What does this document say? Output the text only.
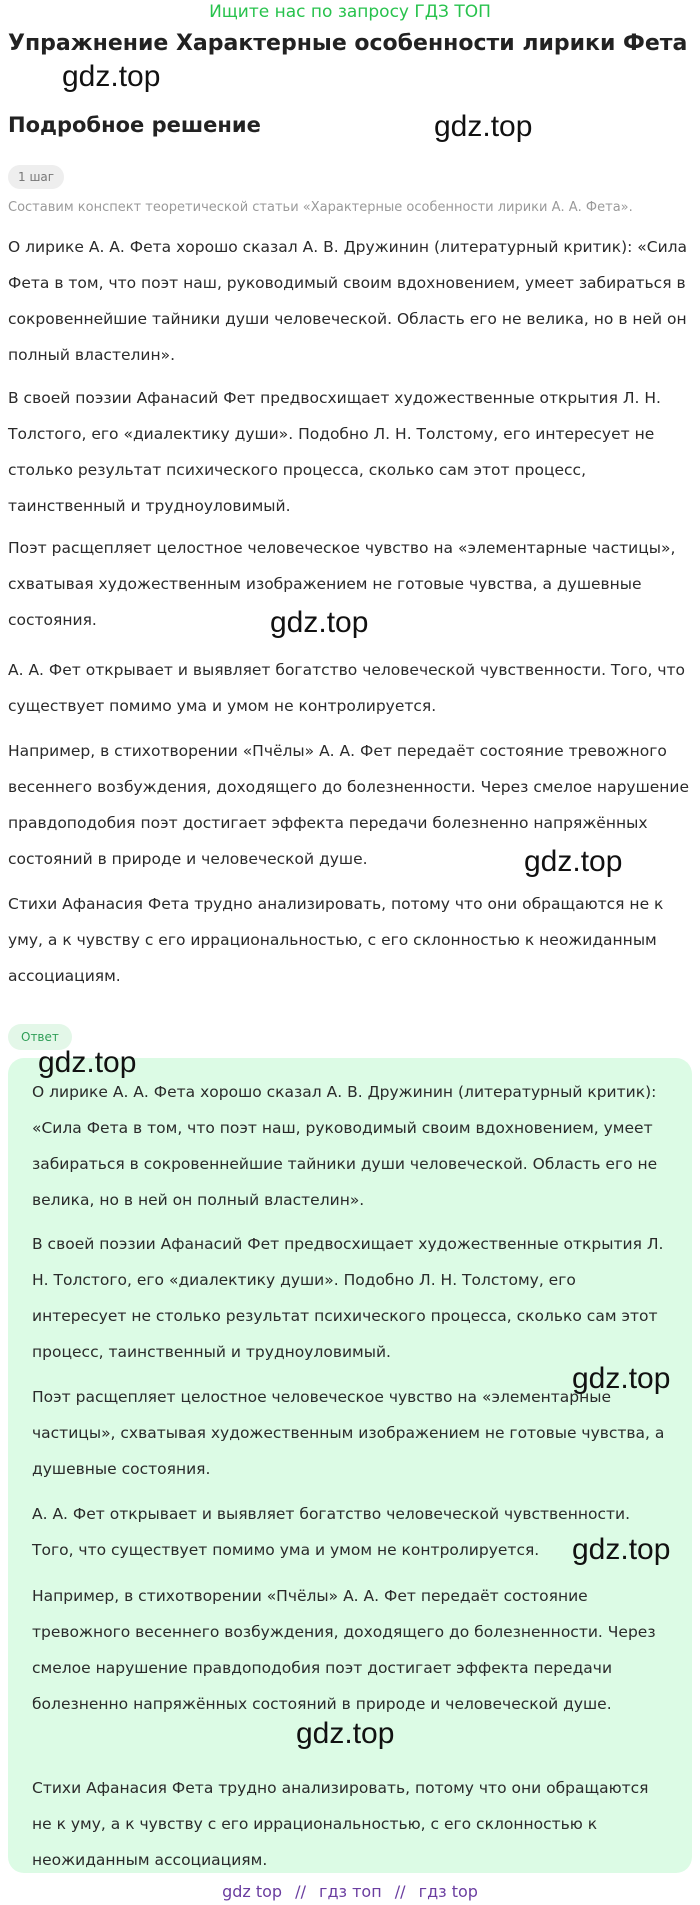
Ищите нас по запросу ГДЗ ТОП
Упражнение Характерные особенности лирики Фета
gdz.top
Подробное решение	gdz.top
1 шаг
Составим конспект теоретической статьи «Характерные особенности лирики А. А. Фета».

О лирике А. А. Фета хорошо сказал А. В. Дружинин (литературный критик): «Сила Фета в том, что поэт наш, руководимый своим вдохновением, умеет забираться в сокровеннейшие тайники души человеческой. Область его не велика, но в ней он полный властелин».

В своей поэзии Афанасий Фет предвосхищает художественные открытия Л. Н. Толстого, его «диалектику души». Подобно Л. Н. Толстому, его интересует не столько результат психического процесса, сколько сам этот процесс, таинственный и трудноуловимый.

Поэт расщепляет целостное человеческое чувство на «элементарные частицы», схватывая художественным изображением не готовые чувства, а душевные состояния.	gdz.top

А. А. Фет открывает и выявляет богатство человеческой чувственности. Того, что существует помимо ума и умом не контролируется.

Например, в стихотворении «Пчёлы» А. А. Фет передаёт состояние тревожного весеннего возбуждения, доходящего до болезненности. Через смелое нарушение правдоподобия поэт достигает эффекта передачи болезненно напряжённых состояний в природе и человеческой душе.	gdz.top

Стихи Афанасия Фета трудно анализировать, потому что они обращаются не к уму, а к чувству с его иррациональностью, с его склонностью к неожиданным ассоциациям.

Ответ
gdz.top

О лирике А. А. Фета хорошо сказал А. В. Дружинин (литературный критик): «Сила Фета в том, что поэт наш, руководимый своим вдохновением, умеет забираться в сокровеннейшие тайники души человеческой. Область его не велика, но в ней он полный властелин».

В своей поэзии Афанасий Фет предвосхищает художественные открытия Л. Н. Толстого, его «диалектику души». Подобно Л. Н. Толстому, его интересует не столько результат психического процесса, сколько сам этот процесс, таинственный и трудноуловимый.

gdz.top

Поэт расщепляет целостное человеческое чувство на «элементарные частицы», схватывая художественным изображением не готовые чувства, а душевные состояния.

А. А. Фет открывает и выявляет богатство человеческой чувственности. Того, что существует помимо ума и умом не контролируется.	gdz.top

Например, в стихотворении «Пчёлы» А. А. Фет передаёт состояние тревожного весеннего возбуждения, доходящего до болезненности. Через смелое нарушение правдоподобия поэт достигает эффекта передачи болезненно напряжённых состояний в природе и человеческой душе.

gdz.top

Стихи Афанасия Фета трудно анализировать, потому что они обращаются не к уму, а к чувству с его иррациональностью, с его склонностью к неожиданным ассоциациям.

gdz top // гдз топ // гдз top
